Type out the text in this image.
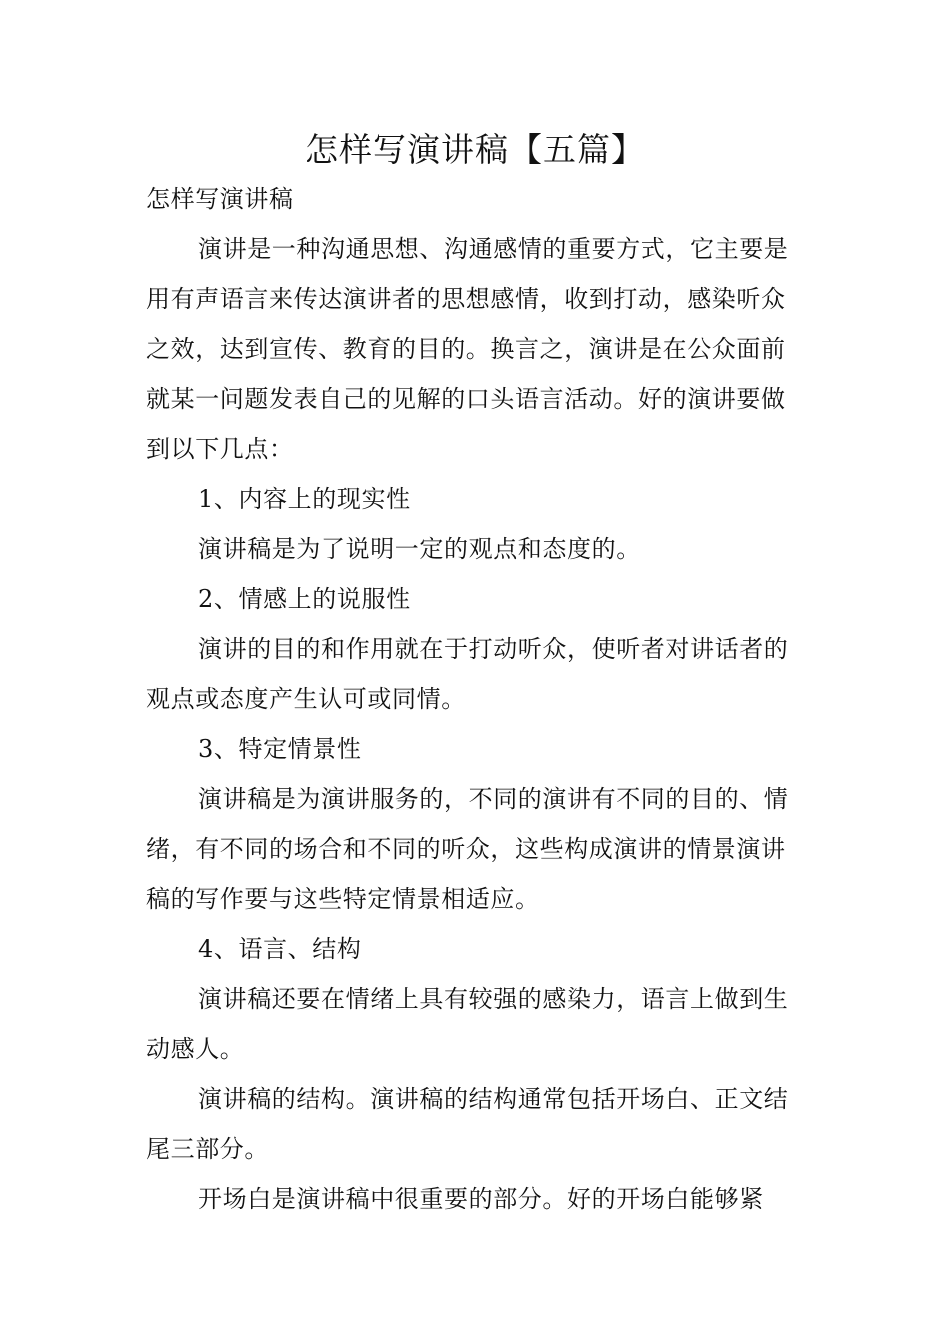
怎样写演讲稿【五篇】

怎样写演讲稿

演讲是一种沟通思想、沟通感情的重要方式，它主要是用有声语言来传达演讲者的思想感情，收到打动，感染听众之效，达到宣传、教育的目的。换言之，演讲是在公众面前就某一问题发表自己的见解的口头语言活动。好的演讲要做到以下几点：

1、内容上的现实性

演讲稿是为了说明一定的观点和态度的。

2、情感上的说服性

演讲的目的和作用就在于打动听众，使听者对讲话者的观点或态度产生认可或同情。

3、特定情景性

演讲稿是为演讲服务的，不同的演讲有不同的目的、情绪，有不同的场合和不同的听众，这些构成演讲的情景演讲稿的写作要与这些特定情景相适应。

4、语言、结构

演讲稿还要在情绪上具有较强的感染力，语言上做到生动感人。

演讲稿的结构。演讲稿的结构通常包括开场白、正文结尾三部分。

开场白是演讲稿中很重要的部分。好的开场白能够紧
